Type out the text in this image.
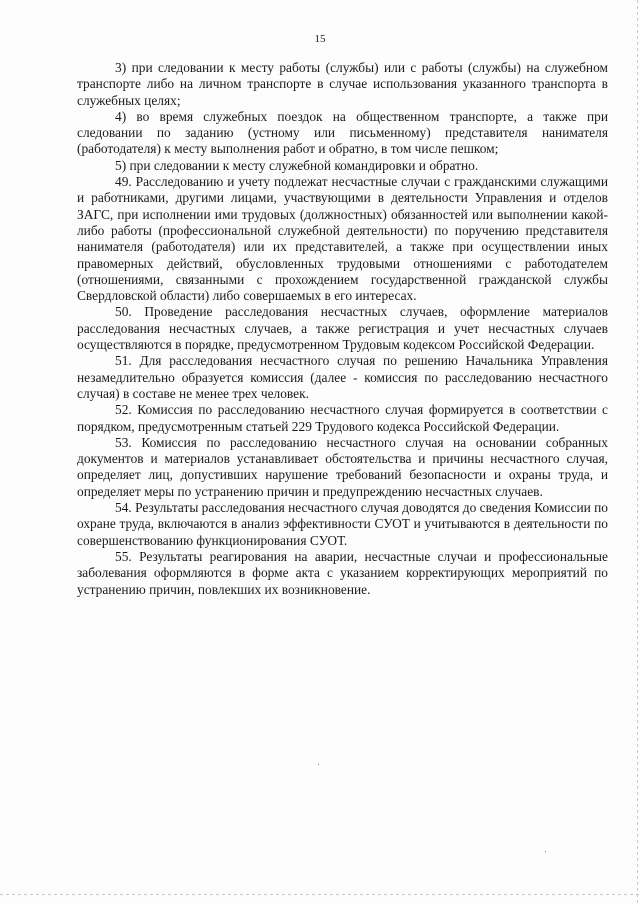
15

3) при следовании к месту работы (службы) или с работы (службы) на служебном транспорте либо на личном транспорте в случае использования указанного транспорта в служебных целях;

4) во время служебных поездок на общественном транспорте, а также при следовании по заданию (устному или письменному) представителя нанимателя (работодателя) к месту выполнения работ и обратно, в том числе пешком;

5) при следовании к месту служебной командировки и обратно.

49. Расследованию и учету подлежат несчастные случаи с гражданскими служащими и работниками, другими лицами, участвующими в деятельности Управления и отделов ЗАГС, при исполнении ими трудовых (должностных) обязанностей или выполнении какой-либо работы (профессиональной служебной деятельности) по поручению представителя нанимателя (работодателя) или их представителей, а также при осуществлении иных правомерных действий, обусловленных трудовыми отношениями с работодателем (отношениями, связанными с прохождением государственной гражданской службы Свердловской области) либо совершаемых в его интересах.

50. Проведение расследования несчастных случаев, оформление материалов расследования несчастных случаев, а также регистрация и учет несчастных случаев осуществляются в порядке, предусмотренном Трудовым кодексом Российской Федерации.

51. Для расследования несчастного случая по решению Начальника Управления незамедлительно образуется комиссия (далее - комиссия по расследованию несчастного случая) в составе не менее трех человек.

52. Комиссия по расследованию несчастного случая формируется в соответствии с порядком, предусмотренным статьей 229 Трудового кодекса Российской Федерации.

53. Комиссия по расследованию несчастного случая на основании собранных документов и материалов устанавливает обстоятельства и причины несчастного случая, определяет лиц, допустивших нарушение требований безопасности и охраны труда, и определяет меры по устранению причин и предупреждению несчастных случаев.

54. Результаты расследования несчастного случая доводятся до сведения Комиссии по охране труда, включаются в анализ эффективности СУОТ и учитываются в деятельности по совершенствованию функционирования СУОТ.

55. Результаты реагирования на аварии, несчастные случаи и профессиональные заболевания оформляются в форме акта с указанием корректирующих мероприятий по устранению причин, повлекших их возникновение.
